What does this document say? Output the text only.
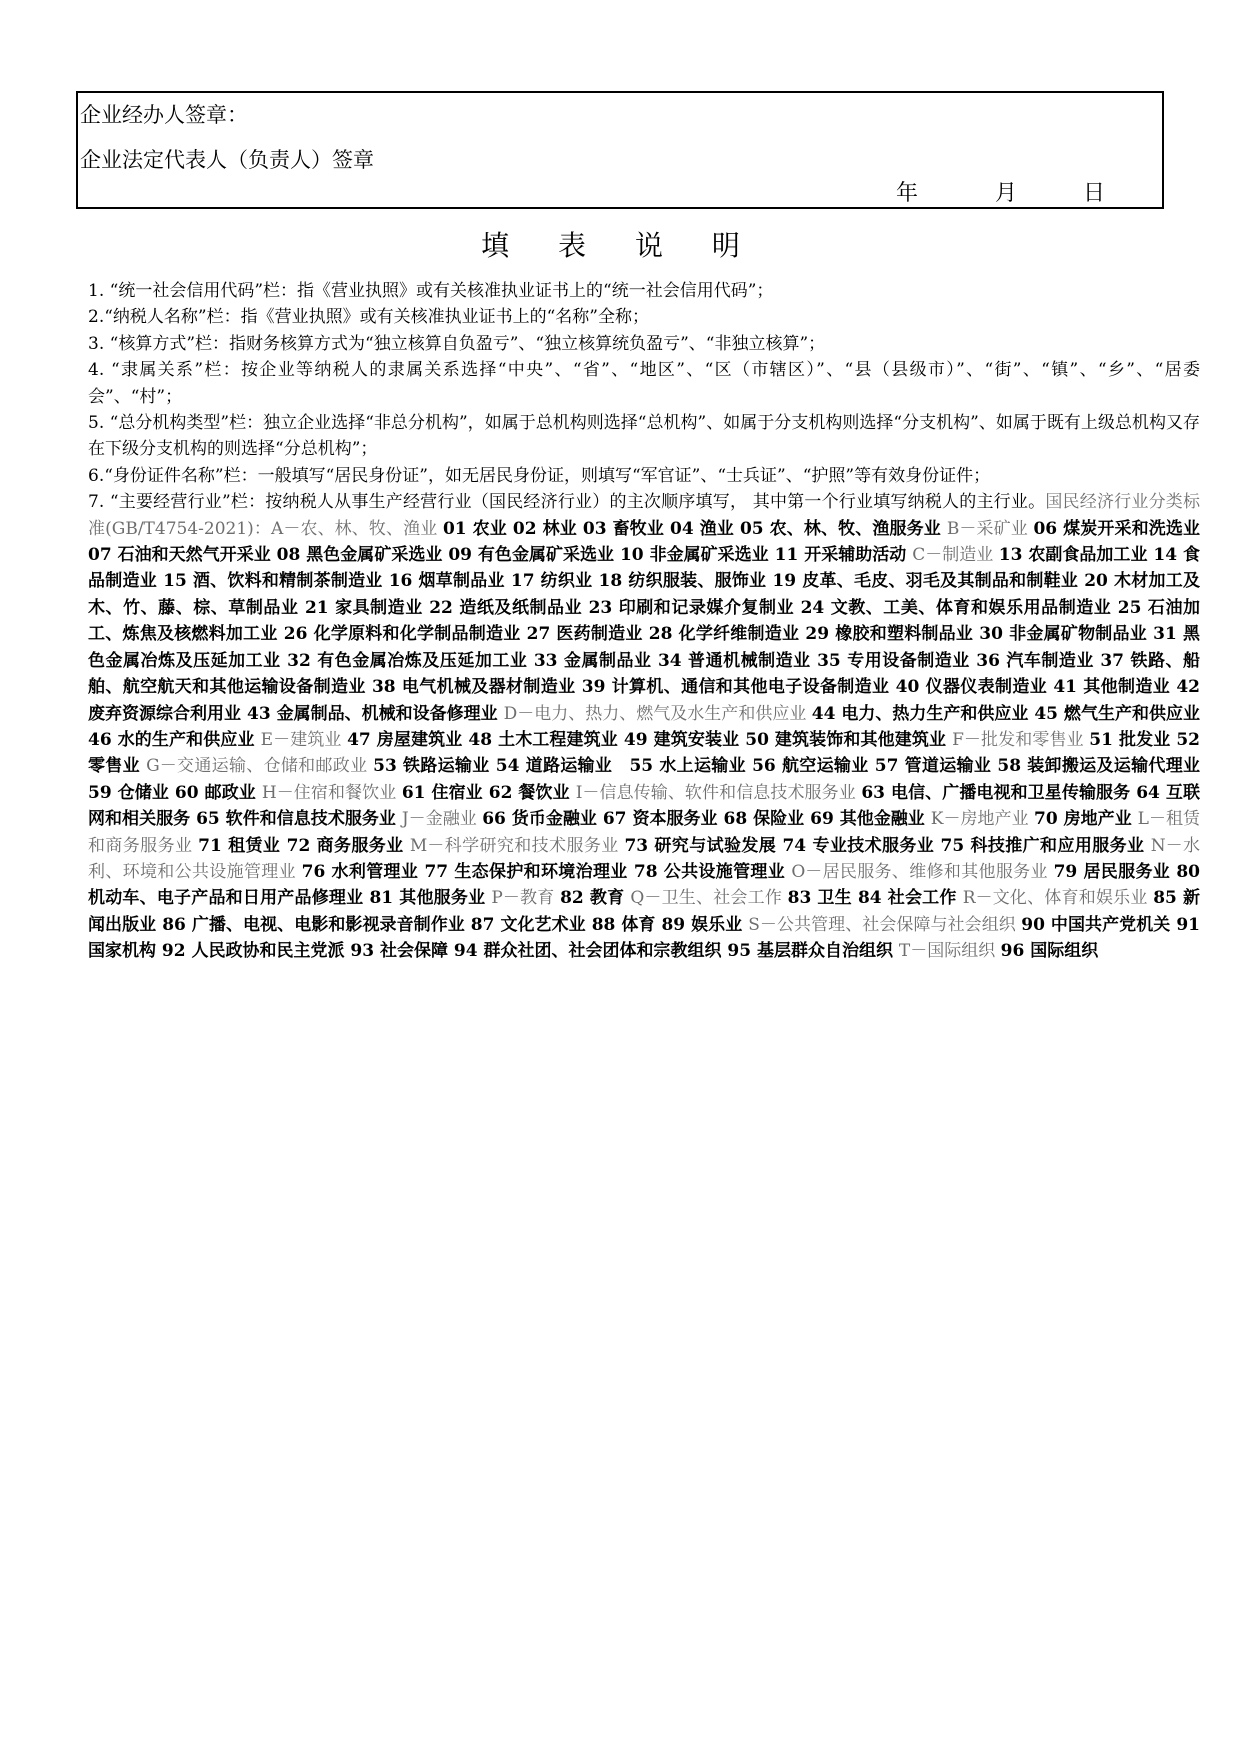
企业经办人签章：
企业法定代表人（负责人）签章
年	月	日
填 表 说 明

1. “统一社会信用代码”栏：指《营业执照》或有关核准执业证书上的“统一社会信用代码”；

2.“纳税人名称”栏：指《营业执照》或有关核准执业证书上的“名称”全称；

3. “核算方式”栏：指财务核算方式为“独立核算自负盈亏”、“独立核算统负盈亏”、“非独立核算”；

4. “隶属关系”栏：按企业等纳税人的隶属关系选择“中央”、“省”、“地区”、“区（市辖区）”、“县（县级市）”、“街”、“镇”、“乡”、“居委会”、“村”；

5. “总分机构类型”栏：独立企业选择“非总分机构”，如属于总机构则选择“总机构”、如属于分支机构则选择“分支机构”、如属于既有上级总机构又存在下级分支机构的则选择“分总机构”；

6.“身份证件名称”栏：一般填写“居民身份证”，如无居民身份证，则填写“军官证”、“士兵证”、“护照”等有效身份证件；

7. “主要经营行业”栏：按纳税人从事生产经营行业（国民经济行业）的主次顺序填写， 其中第一个行业填写纳税人的主行业。国民经济行业分类标准(GB/T4754-2021)：A－农、林、牧、渔业 01 农业 02 林业 03 畜牧业 04 渔业 05 农、林、牧、渔服务业 B－采矿业 06 煤炭开采和洗选业 07 石油和天然气开采业 08 黑色金属矿采选业 09 有色金属矿采选业 10 非金属矿采选业 11 开采辅助活动 C－制造业 13 农副食品加工业 14 食品制造业 15 酒、饮料和精制茶制造业 16 烟草制品业 17 纺织业 18 纺织服装、服饰业 19 皮革、毛皮、羽毛及其制品和制鞋业 20 木材加工及木、竹、藤、棕、草制品业 21 家具制造业 22 造纸及纸制品业 23 印刷和记录媒介复制业 24 文教、工美、体育和娱乐用品制造业 25 石油加工、炼焦及核燃料加工业 26 化学原料和化学制品制造业 27 医药制造业 28 化学纤维制造业 29 橡胶和塑料制品业 30 非金属矿物制品业 31 黑色金属冶炼及压延加工业 32 有色金属冶炼及压延加工业 33 金属制品业 34 普通机械制造业 35 专用设备制造业 36 汽车制造业 37 铁路、船舶、航空航天和其他运输设备制造业 38 电气机械及器材制造业 39 计算机、通信和其他电子设备制造业 40 仪器仪表制造业 41 其他制造业 42 废弃资源综合利用业 43 金属制品、机械和设备修理业 D－电力、热力、燃气及水生产和供应业 44 电力、热力生产和供应业 45 燃气生产和供应业 46 水的生产和供应业 E－建筑业 47 房屋建筑业 48 土木工程建筑业 49 建筑安装业 50 建筑装饰和其他建筑业 F－批发和零售业 51 批发业 52 零售业 G－交通运输、仓储和邮政业 53 铁路运输业 54 道路运输业　55 水上运输业 56 航空运输业 57 管道运输业 58 装卸搬运及运输代理业 59 仓储业 60 邮政业 H－住宿和餐饮业 61 住宿业 62 餐饮业 I－信息传输、软件和信息技术服务业 63 电信、广播电视和卫星传输服务 64 互联网和相关服务 65 软件和信息技术服务业 J－金融业 66 货币金融业 67 资本服务业 68 保险业 69 其他金融业 K－房地产业 70 房地产业 L－租赁和商务服务业 71 租赁业 72 商务服务业 M－科学研究和技术服务业 73 研究与试验发展 74 专业技术服务业 75 科技推广和应用服务业 N－水利、环境和公共设施管理业 76 水利管理业 77 生态保护和环境治理业 78 公共设施管理业 O－居民服务、维修和其他服务业 79 居民服务业 80 机动车、电子产品和日用产品修理业 81 其他服务业 P－教育 82 教育 Q－卫生、社会工作 83 卫生 84 社会工作 R－文化、体育和娱乐业 85 新闻出版业 86 广播、电视、电影和影视录音制作业 87 文化艺术业 88 体育 89 娱乐业 S－公共管理、社会保障与社会组织 90 中国共产党机关 91 国家机构 92 人民政协和民主党派 93 社会保障 94 群众社团、社会团体和宗教组织 95 基层群众自治组织 T－国际组织 96 国际组织
